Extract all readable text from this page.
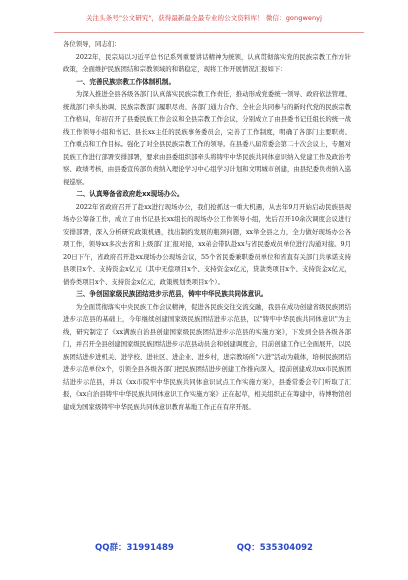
关注头条号"公文研究"，获得最新最全最专业的公文资料库！ 微信：gongwenyj

各位领导，同志们：

2022年，民宗局以习近平总书记系列重要讲话精神为统领，认真贯彻落实党的民族宗教工作方针政策，全面维护民族团结和宗教领域的和谐稳定，现将工作开展情况汇报如下：

一、完善民族宗教工作体制机制。

为深入推进全县各级各部门认真落实民族宗教工作责任，推动形成党委统一领导、政府依法管理、统战部门牵头协调、民族宗教部门履职尽责、各部门通力合作、全社会共同参与的新时代党的民族宗教工作格局，年初召开了县委民族工作会议和全县宗教工作会议，分别成立了由县委书记任组长的统一战线工作领导小组和书记、县长xx主任的民族事务委员会，完善了工作制度，明确了各部门主要职责、工作重点和工作目标。强化了对全县民族宗教工作的领导。在县委八届常委会第二十次会议上，专题对民族工作进行部署安排部署，要求由县委组织部牵头将铸牢中华民族共同体意识纳入党建工作及政治考察、政绩考核，由县委宣传部负责纳入理论学习中心组学习计划和文明城市创建，由县纪委负责纳入巡视巡察。

二、认真筹备省政府赴xx现场办公。

2022年省政府召开了赴xx进行现场办公，我们抢抓这一重大机遇，从去年9月开始启动民族县现场办公筹备工作，成立了由书记县长xx组长的现场办公工作领导小组，先后召开10余次调度会议进行安排部署，深入分析研究政策机遇，找出制约发展的瓶颈问题，xx举全县之力，全力做好现场办公各项工作，领导xx多次去省和上级部门汇报对接，xx弟会带队赴xx与省民委成员单位进行沟通对接。9月20日下午，省政府召开赴xx现场办公现场会议，55个省民委兼职委员单位和省直有关部门共承诺支持县项目x个、支持资金x亿元（其中无偿项目x个、支持资金x亿元，贷款类项目x个、支持资金x亿元，债券类项目x个、支持资金x亿元，政策规划类项目x个）。

三、争创国家级民族团结进步示范县，铸牢中华民族共同体意识。

为全面贯彻落实中央民族工作会议精神，促进各民族交往交流交融，我县在成功创建省级民族团结进步示范县的基础上，今年继续创建国家级民族团结进步示范县，以"铸牢中华民族共同体意识"为主线，研究制定了《xx满族自治县创建国家级民族团结进步示范县的实施方案》，下发到全县各级各部门，并召开全县创建国家级民族团结进步示范县动员会和创建调度会，目前创建工作已全面展开，以民族团结进步进机关、进学校、进社区、进企业、进乡村，进宗教场所"六进"活动为载体，培树民族团结进步示范单位x个，引领全县各级各部门把民族团结进步创建工作推向深入，提前创建成功xx市民族团结进步示范县，并以《xx市院牢中华民族共同体意识试点工作实施方案》，县委常委会专门听取了汇报，《xx自治县铸牢中华民族共同体意识工作实施方案》正在起草，相关组织正在筹建中，待博物馆创建成为国家级铸牢中华民族共同体意识教育基地工作正在有序开展。

QQ群：31991489	QQ：535304092
